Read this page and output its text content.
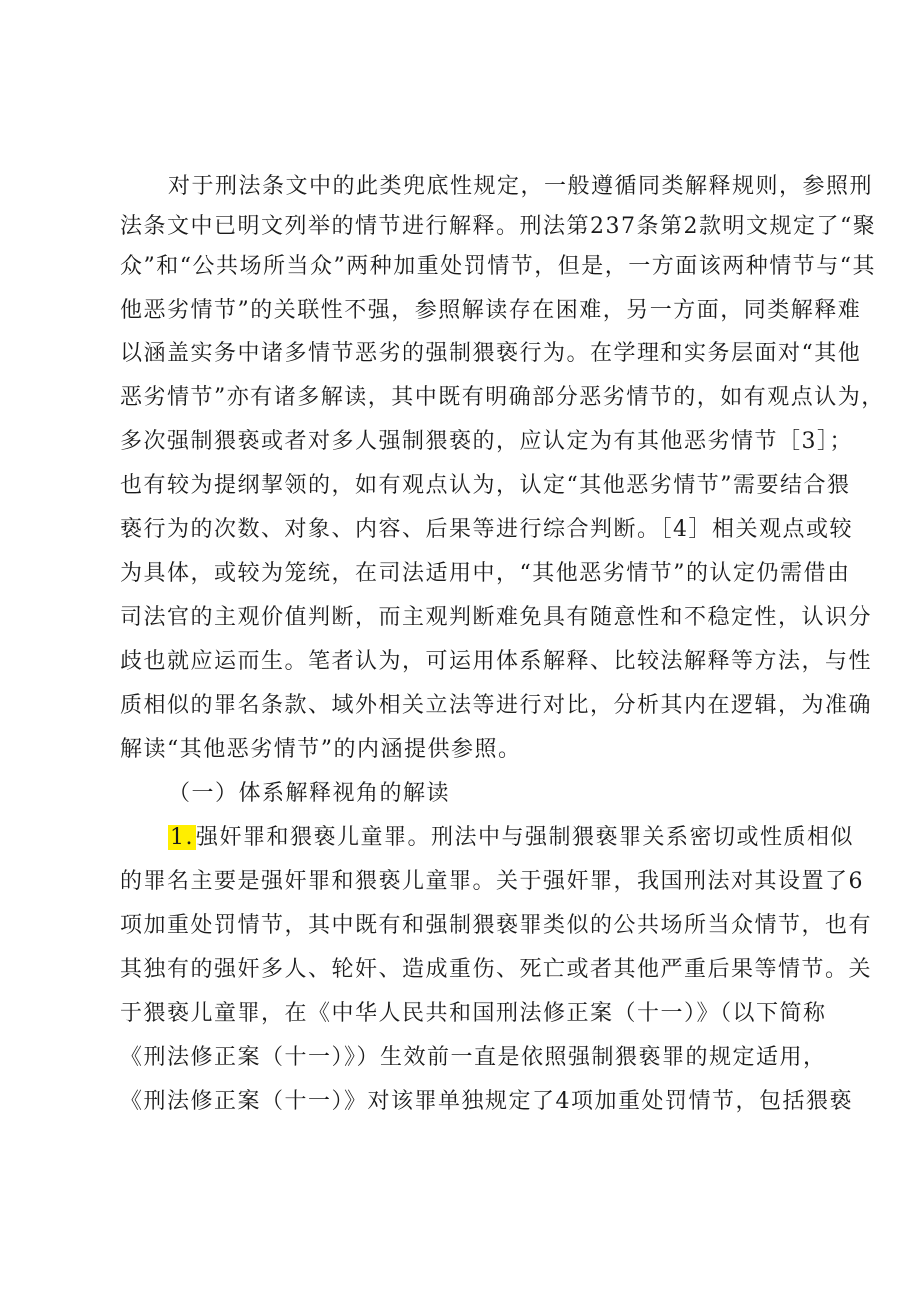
对于刑法条文中的此类兜底性规定，一般遵循同类解释规则，参照刑
法条文中已明文列举的情节进行解释。刑法第237条第2款明文规定了“聚
众”和“公共场所当众”两种加重处罚情节，但是，一方面该两种情节与“其
他恶劣情节”的关联性不强，参照解读存在困难，另一方面，同类解释难
以涵盖实务中诸多情节恶劣的强制猥亵行为。在学理和实务层面对“其他
恶劣情节”亦有诸多解读，其中既有明确部分恶劣情节的，如有观点认为，
多次强制猥亵或者对多人强制猥亵的，应认定为有其他恶劣情节［3］；
也有较为提纲挈领的，如有观点认为，认定“其他恶劣情节”需要结合猥
亵行为的次数、对象、内容、后果等进行综合判断。［4］相关观点或较
为具体，或较为笼统，在司法适用中，“其他恶劣情节”的认定仍需借由
司法官的主观价值判断，而主观判断难免具有随意性和不稳定性，认识分
歧也就应运而生。笔者认为，可运用体系解释、比较法解释等方法，与性
质相似的罪名条款、域外相关立法等进行对比，分析其内在逻辑，为准确
解读“其他恶劣情节”的内涵提供参照。
（一）体系解释视角的解读
1.强奸罪和猥亵儿童罪。刑法中与强制猥亵罪关系密切或性质相似
的罪名主要是强奸罪和猥亵儿童罪。关于强奸罪，我国刑法对其设置了6
项加重处罚情节，其中既有和强制猥亵罪类似的公共场所当众情节，也有
其独有的强奸多人、轮奸、造成重伤、死亡或者其他严重后果等情节。关
于猥亵儿童罪，在《中华人民共和国刑法修正案（十一）》（以下简称
《刑法修正案（十一）》）生效前一直是依照强制猥亵罪的规定适用，
《刑法修正案（十一）》对该罪单独规定了4项加重处罚情节，包括猥亵
